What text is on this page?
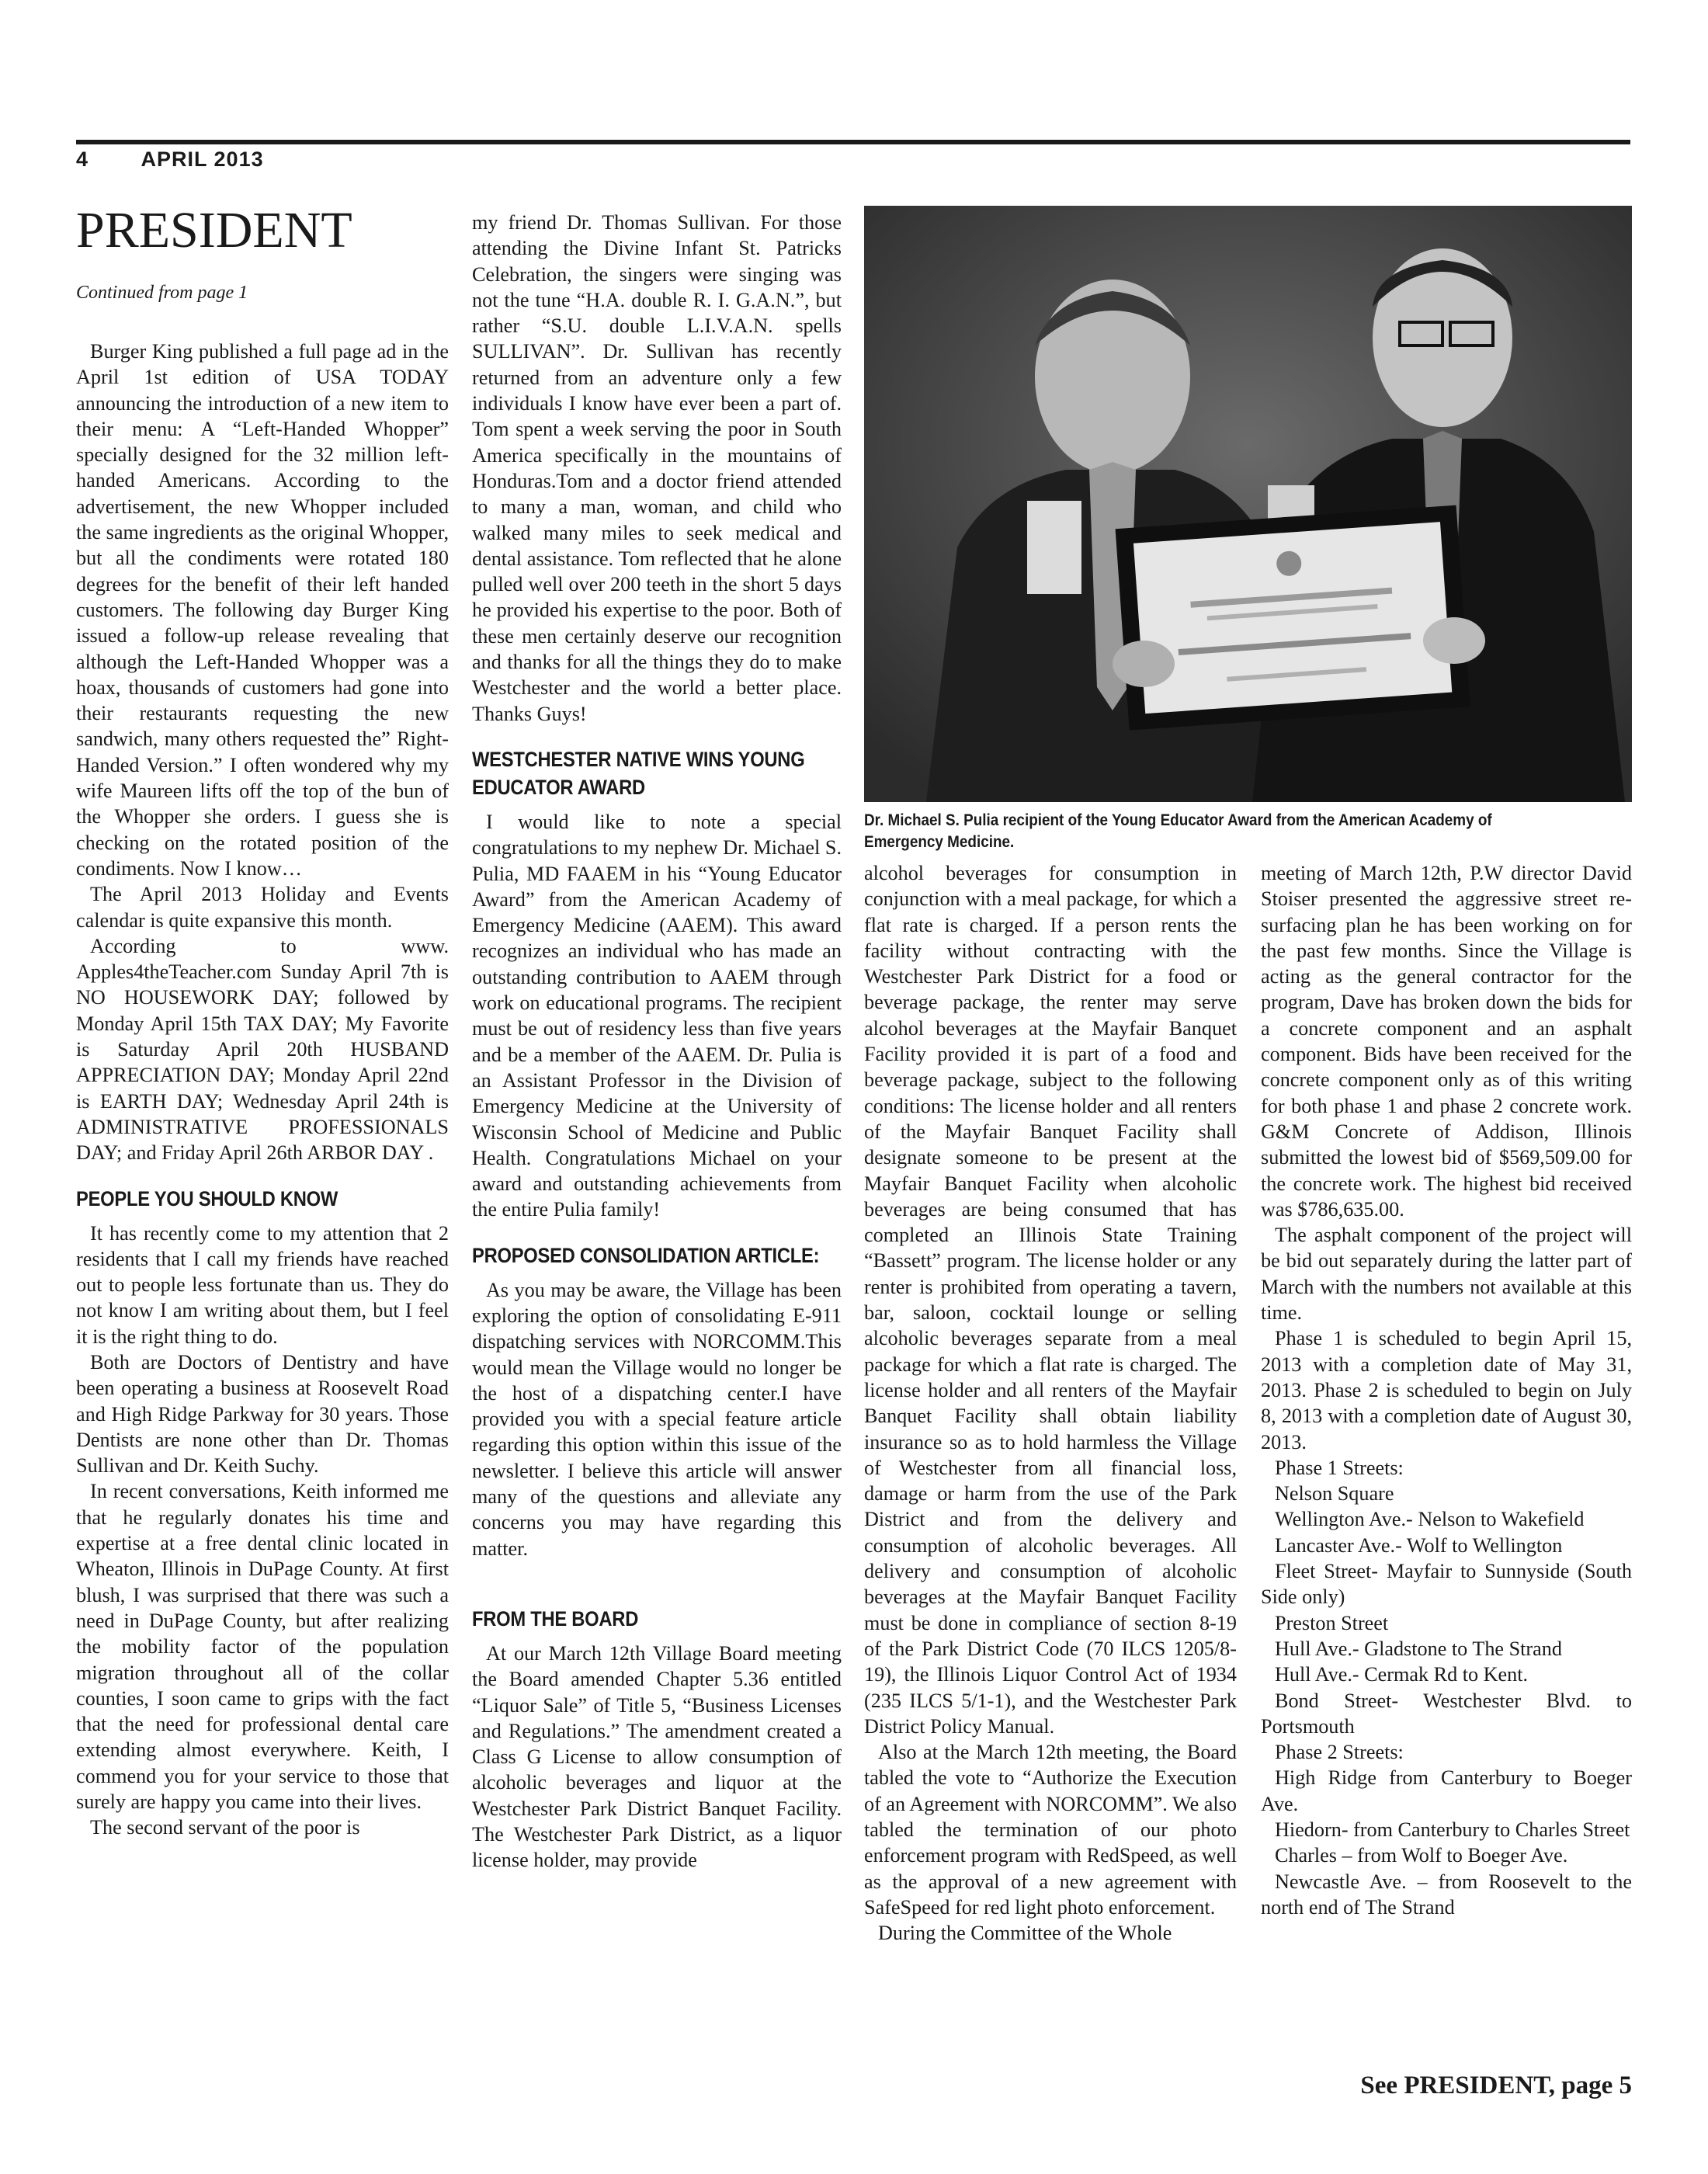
4	APRIL 2013
PRESIDENT
Continued from page 1

Burger King published a full page ad in the April 1st edition of USA TODAY announcing the introduction of a new item to their menu: A “Left-Handed Whopper” specially designed for the 32 million left-handed Americans. According to the advertisement, the new Whopper included the same ingredients as the original Whopper, but all the condiments were rotated 180 degrees for the benefit of their left handed customers. The following day Burger King issued a follow-up release revealing that although the Left-Handed Whopper was a hoax, thousands of customers had gone into their restaurants requesting the new sandwich, many others requested the” Right-Handed Version.” I often wondered why my wife Maureen lifts off the top of the bun of the Whopper she orders. I guess she is checking on the rotated position of the condiments. Now I know…

The April 2013 Holiday and Events calendar is quite expansive this month.

According to www. Apples4theTeacher.com Sunday April 7th is NO HOUSEWORK DAY; followed by Monday April 15th TAX DAY; My Favorite is Saturday April 20th HUSBAND APPRECIATION DAY; Monday April 22nd is EARTH DAY; Wednesday April 24th is ADMINISTRATIVE PROFESSIONALS DAY; and Friday April 26th ARBOR DAY .

PEOPLE YOU SHOULD KNOW

It has recently come to my attention that 2 residents that I call my friends have reached out to people less fortunate than us. They do not know I am writing about them, but I feel it is the right thing to do.

Both are Doctors of Dentistry and have been operating a business at Roosevelt Road and High Ridge Parkway for 30 years. Those Dentists are none other than Dr. Thomas Sullivan and Dr. Keith Suchy.

In recent conversations, Keith informed me that he regularly donates his time and expertise at a free dental clinic located in Wheaton, Illinois in DuPage County. At first blush, I was surprised that there was such a need in DuPage County, but after realizing the mobility factor of the population migration throughout all of the collar counties, I soon came to grips with the fact that the need for professional dental care extending almost everywhere. Keith, I commend you for your service to those that surely are happy you came into their lives.

The second servant of the poor is

my friend Dr. Thomas Sullivan. For those attending the Divine Infant St. Patricks Celebration, the singers were singing was not the tune “H.A. double R. I. G.A.N.”, but rather “S.U. double L.I.V.A.N. spells SULLIVAN”. Dr. Sullivan has recently returned from an adventure only a few individuals I know have ever been a part of. Tom spent a week serving the poor in South America specifically in the mountains of Honduras.Tom and a doctor friend attended to many a man, woman, and child who walked many miles to seek medical and dental assistance. Tom reflected that he alone pulled well over 200 teeth in the short 5 days he provided his expertise to the poor. Both of these men certainly deserve our recognition and thanks for all the things they do to make Westchester and the world a better place. Thanks Guys!

WESTCHESTER NATIVE WINS YOUNG EDUCATOR AWARD

I would like to note a special congratulations to my nephew Dr. Michael S. Pulia, MD FAAEM in his “Young Educator Award” from the American Academy of Emergency Medicine (AAEM). This award recognizes an individual who has made an outstanding contribution to AAEM through work on educational programs. The recipient must be out of residency less than five years and be a member of the AAEM. Dr. Pulia is an Assistant Professor in the Division of Emergency Medicine at the University of Wisconsin School of Medicine and Public Health. Congratulations Michael on your award and outstanding achievements from the entire Pulia family!

PROPOSED CONSOLIDATION ARTICLE:

As you may be aware, the Village has been exploring the option of consolidating E-911 dispatching services with NORCOMM.This would mean the Village would no longer be the host of a dispatching center.I have provided you with a special feature article regarding this option within this issue of the newsletter. I believe this article will answer many of the questions and alleviate any concerns you may have regarding this matter.

FROM THE BOARD

At our March 12th Village Board meeting the Board amended Chapter 5.36 entitled “Liquor Sale” of Title 5, “Business Licenses and Regulations.” The amendment created a Class G License to allow consumption of alcoholic beverages and liquor at the Westchester Park District Banquet Facility. The Westchester Park District, as a liquor license holder, may provide

Dr. Michael S. Pulia recipient of the Young Educator Award from the American Academy of Emergency Medicine.

alcohol beverages for consumption in conjunction with a meal package, for which a flat rate is charged. If a person rents the facility without contracting with the Westchester Park District for a food or beverage package, the renter may serve alcohol beverages at the Mayfair Banquet Facility provided it is part of a food and beverage package, subject to the following conditions: The license holder and all renters of the Mayfair Banquet Facility shall designate someone to be present at the Mayfair Banquet Facility when alcoholic beverages are being consumed that has completed an Illinois State Training “Bassett” program. The license holder or any renter is prohibited from operating a tavern, bar, saloon, cocktail lounge or selling alcoholic beverages separate from a meal package for which a flat rate is charged. The license holder and all renters of the Mayfair Banquet Facility shall obtain liability insurance so as to hold harmless the Village of Westchester from all financial loss, damage or harm from the use of the Park District and from the delivery and consumption of alcoholic beverages. All delivery and consumption of alcoholic beverages at the Mayfair Banquet Facility must be done in compliance of section 8-19 of the Park District Code (70 ILCS 1205/8-19), the Illinois Liquor Control Act of 1934 (235 ILCS 5/1-1), and the Westchester Park District Policy Manual.

Also at the March 12th meeting, the Board tabled the vote to “Authorize the Execution of an Agreement with NORCOMM”. We also tabled the termination of our photo enforcement program with RedSpeed, as well as the approval of a new agreement with SafeSpeed for red light photo enforcement.

During the Committee of the Whole

meeting of March 12th, P.W director David Stoiser presented the aggressive street re-surfacing plan he has been working on for the past few months. Since the Village is acting as the general contractor for the program, Dave has broken down the bids for a concrete component and an asphalt component. Bids have been received for the concrete component only as of this writing for both phase 1 and phase 2 concrete work. G&M Concrete of Addison, Illinois submitted the lowest bid of $569,509.00 for the concrete work. The highest bid received was $786,635.00.

The asphalt component of the project will be bid out separately during the latter part of March with the numbers not available at this time.

Phase 1 is scheduled to begin April 15, 2013 with a completion date of May 31, 2013. Phase 2 is scheduled to begin on July 8, 2013 with a completion date of August 30, 2013.

Phase 1 Streets:

Nelson Square

Wellington Ave.- Nelson to Wakefield

Lancaster Ave.- Wolf to Wellington

Fleet Street- Mayfair to Sunnyside (South Side only)

Preston Street

Hull Ave.- Gladstone to The Strand

Hull Ave.- Cermak Rd to Kent.

Bond Street- Westchester Blvd. to Portsmouth

Phase 2 Streets:

High Ridge from Canterbury to Boeger Ave.

Hiedorn- from Canterbury to Charles Street

Charles – from Wolf to Boeger Ave.

Newcastle Ave. – from Roosevelt to the north end of The Strand

See PRESIDENT, page 5
